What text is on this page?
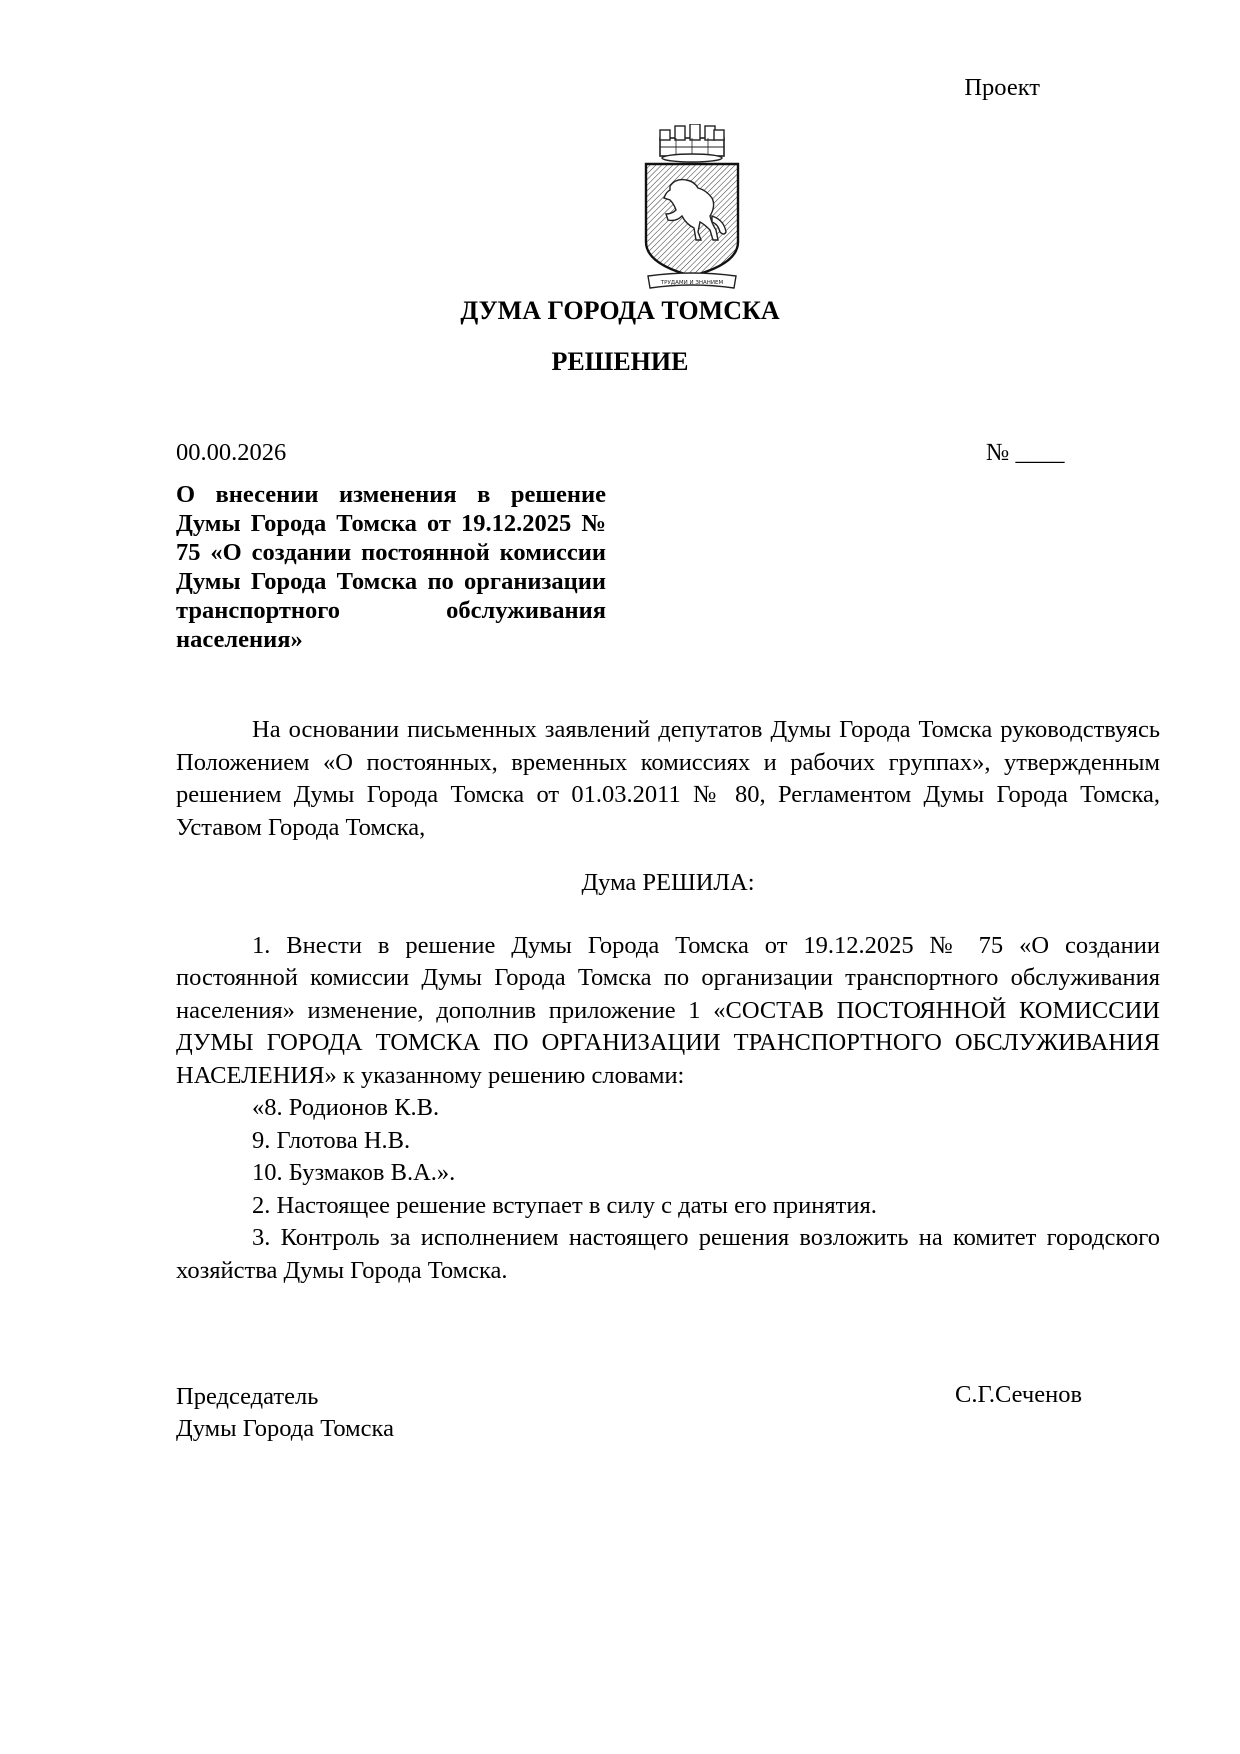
Проект
ТРУДАМИ И ЗНАНИЕМ
ДУМА ГОРОДА ТОМСКА
РЕШЕНИЕ
00.00.2026	№ ____
О внесении изменения в решение Думы Города Томска от 19.12.2025 № 75 «О создании постоянной комиссии Думы Города Томска по организации транспортного обслуживания населения»

На основании письменных заявлений депутатов Думы Города Томска руководствуясь Положением «О постоянных, временных комиссиях и рабочих группах», утвержденным решением Думы Города Томска от 01.03.2011 № 80, Регламентом Думы Города Томска, Уставом Города Томска,

Дума РЕШИЛА:

1. Внести в решение Думы Города Томска от 19.12.2025 № 75 «О создании постоянной комиссии Думы Города Томска по организации транспортного обслуживания населения» изменение, дополнив приложение 1 «СОСТАВ ПОСТОЯННОЙ КОМИССИИ ДУМЫ ГОРОДА ТОМСКА ПО ОРГАНИЗАЦИИ ТРАНСПОРТНОГО ОБСЛУЖИВАНИЯ НАСЕЛЕНИЯ» к указанному решению словами:

«8. Родионов К.В.

9. Глотова Н.В.

10. Бузмаков В.А.».

2. Настоящее решение вступает в силу с даты его принятия.

3. Контроль за исполнением настоящего решения возложить на комитет городского хозяйства Думы Города Томска.

Председатель
Думы Города Томска
С.Г.Сеченов
